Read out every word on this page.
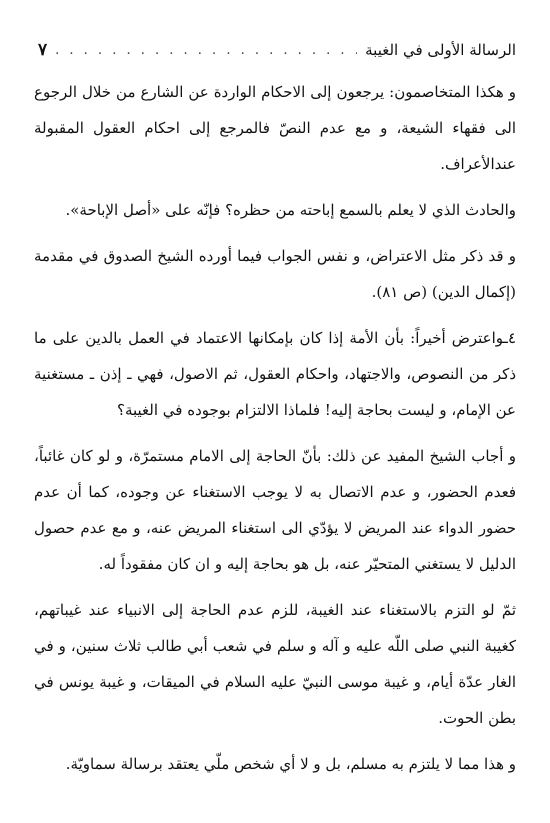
الرسالة الأولى في الغيبة
. . .
٧

و هكذا المتخاصمون: يرجعون إلى الاحكام الواردة عن الشارع من خلال الرجوع الى فقهاء الشيعة، و مع عدم النصّ فالمرجع إلى احكام العقول المقبولة عندالأعراف.

والحادث الذي لا يعلم بالسمع إباحته من حظره؟ فإنّه على «أصل الإباحة».

و قد ذكر مثل الاعتراض، و نفس الجواب فيما أورده الشيخ الصدوق في مقدمة (إكمال الدين) (ص ٨١).

٤ـواعترض أخيراً: بأن الأمة إذا كان بإمكانها الاعتماد في العمل بالدين على ما ذكر من النصوص، والاجتهاد، واحكام العقول، ثم الاصول، فهي ـ إذن ـ مستغنية عن الإمام، و ليست بحاجة إليه! فلماذا الالتزام بوجوده في الغيبة؟

و أجاب الشيخ المفيد عن ذلك: بأنّ الحاجة إلى الامام مستمرّة، و لو كان غائباً، فعدم الحضور، و عدم الاتصال به لا يوجب الاستغناء عن وجوده، كما أن عدم حضور الدواء عند المريض لا يؤدّي الى استغناء المريض عنه، و مع عدم حصول الدليل لا يستغني المتحيّر عنه، بل هو بحاجة إليه و ان كان مفقوداً له.

ثمّ لو التزم بالاستغناء عند الغيبة، للزم عدم الحاجة إلى الانبياء عند غيباتهم، كغيبة النبي صلى اللّه عليه و آله و سلم في شعب أبي طالب ثلاث سنين، و في الغار عدّة أيام، و غيبة موسى النبيّ عليه السلام في الميقات، و غيبة يونس في بطن الحوت.

و هذا مما لا يلتزم به مسلم، بل و لا أي شخص ملّي يعتقد برسالة سماويّة.
